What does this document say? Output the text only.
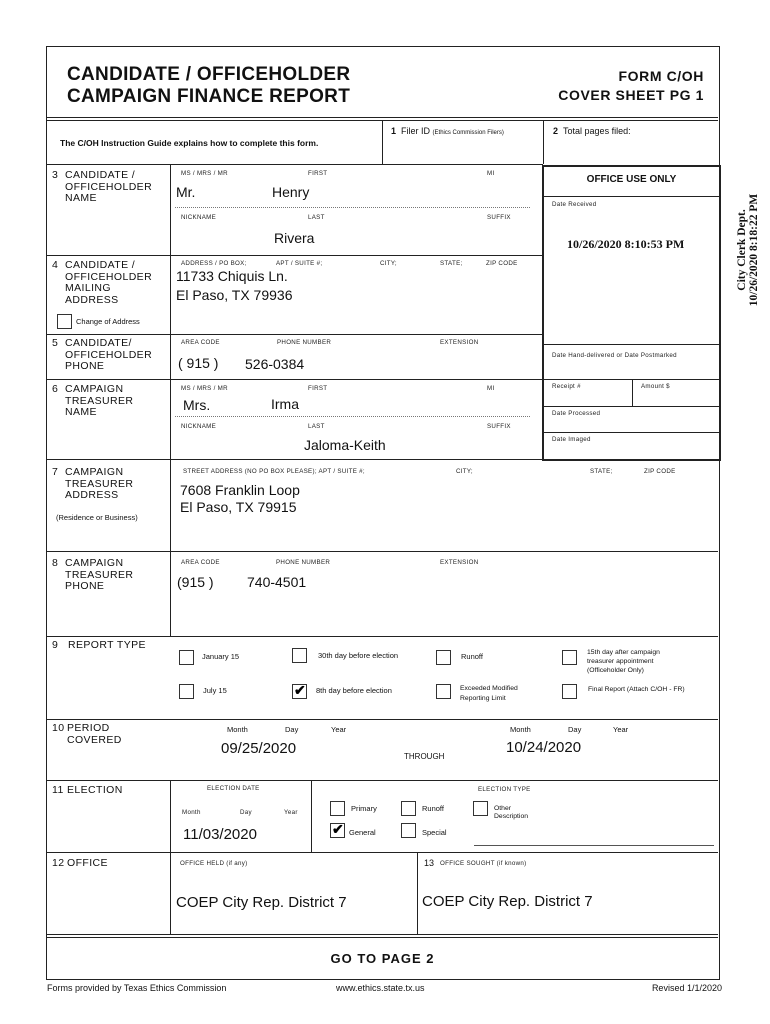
CANDIDATE / OFFICEHOLDER
CAMPAIGN FINANCE REPORT
FORM C/OH
COVER SHEET PG 1
OFFICE USE ONLY
Date Received
10/26/2020 8:10:53 PM
Date Hand-delivered or Date Postmarked
Receipt #	Amount $
Date Processed
Date Imaged
City Clerk Dept. 10/26/2020 8:18:22 PM
The C/OH Instruction Guide explains how to complete this form.
1 Filer ID (Ethics Commission Filers)	2 Total pages filed:
3 CANDIDATE / OFFICEHOLDER NAME
MS / MRS / MR	FIRST	MI
Mr.	Henry
NICKNAME	LAST	SUFFIX
Rivera
4 CANDIDATE / OFFICEHOLDER MAILING ADDRESS
ADDRESS / PO BOX;	APT / SUITE #;	CITY;	STATE;	ZIP CODE
11733 Chiquis Ln.
El Paso, TX 79936
Change of Address
5 CANDIDATE/ OFFICEHOLDER PHONE
AREA CODE	PHONE NUMBER	EXTENSION
( 915 ) 526-0384
6 CAMPAIGN TREASURER NAME
MS / MRS / MR	FIRST	MI
Mrs.	Irma
NICKNAME	LAST	SUFFIX
Jaloma-Keith
7 CAMPAIGN TREASURER ADDRESS
(Residence or Business)
STREET ADDRESS (NO PO BOX PLEASE); APT / SUITE #;	CITY;	STATE;	ZIP CODE
7608 Franklin Loop
El Paso, TX 79915
8 CAMPAIGN TREASURER PHONE
AREA CODE	PHONE NUMBER	EXTENSION
(915 ) 740-4501
9 REPORT TYPE
January 15	30th day before election	Runoff	15th day after campaign
treasurer appointment
(Officeholder Only)
July 15
✔	8th day before election	Exceeded Modified
Reporting Limit
Final Report (Attach C/OH - FR)
10 PERIOD COVERED
Month	Day	Year
09/25/2020	THROUGH
Month	Day	Year
10/24/2020
11 ELECTION	ELECTION DATE
Month	Day	Year
11/03/2020
ELECTION TYPE
Primary	Runoff	Other
Description
✔
General	Special
12 OFFICE	OFFICE HELD (if any)
COEP City Rep. District 7
13 OFFICE SOUGHT (if known)
COEP City Rep. District 7
GO TO PAGE 2
Forms provided by Texas Ethics Commission	www.ethics.state.tx.us	Revised 1/1/2020
